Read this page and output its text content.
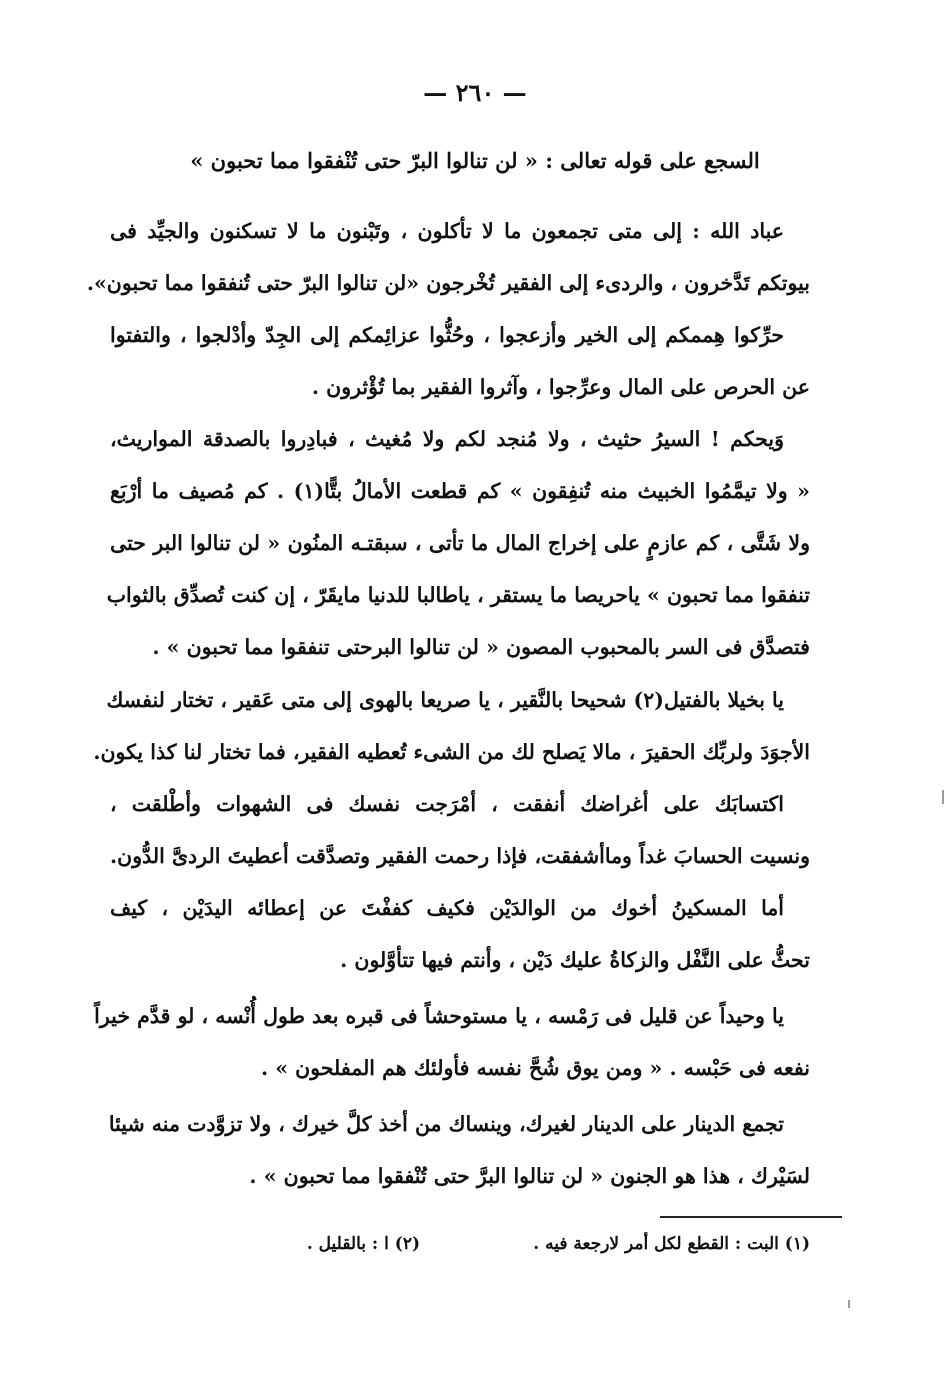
— ٢٦٠ —
السجع على قوله تعالى : « لن تنالوا البرّ حتى تُنْفقوا مما تحبون »
عباد الله : إلى متى تجمعون ما لا تأكلون ، وتَبْنون ما لا تسكنون والجيِّد فى
بيوتكم تَدَّخرون ، والردىء إلى الفقير تُخْرجون «لن تنالوا البرّ حتى تُنفقوا مما تحبون».
حرِّكوا هِممكم إلى الخير وأزعجوا ، وحُثُّوا عزائِمكم إلى الجِدّ وأدْلجوا ، والتفتوا
عن الحرص على المال وعرِّجوا ، وآثروا الفقير بما تُؤْثرون .
وَيحكم ! السيرُ حثيث ، ولا مُنجد لكم ولا مُغيث ، فبادِروا بالصدقة المواريث،
« ولا تيمَّمُوا الخبيث منه تُنفِقون » كم قطعت الأمالُ بتًّا(١) . كم مُصيف ما أرْبَع
ولا شَتَّى ، كم عازمٍ على إخراج المال ما تأتى ، سبقتـه المنُون « لن تنالوا البر حتى
تنفقوا مما تحبون » ياحريصا ما يستقر ، ياطالبا للدنيا مايقَرّ ، إن كنت تُصدِّق بالثواب
فتصدَّق فى السر بالمحبوب المصون « لن تنالوا البرحتى تنفقوا مما تحبون » .
يا بخيلا بالفتيل(٢) شحيحا بالنَّقير ، يا صريعا بالهوى إلى متى عَقير ، تختار لنفسك
الأجوَدَ ولربِّك الحقيرَ ، مالا يَصلح لك من الشىء تُعطيه الفقير، فما تختار لنا كذا يكون.
اكتسابَك على أغراضك أنفقت ، أمْرَجت نفسك فى الشهوات وأطْلقت ،
ونسيت الحسابَ غداً وماأشفقت، فإذا رحمت الفقير وتصدَّقت أعطيتَ الردىَّ الدُّون.
أما المسكينُ أخوك من الوالدَيْن فكيف كففْتَ عن إعطائه اليدَيْن ، كيف
تحثُّ على النَّفْل والزكاةُ عليك دَيْن ، وأنتم فيها تتأوَّلون .
يا وحيداً عن قليل فى رَمْسه ، يا مستوحشاً فى قبره بعد طول أُنْسه ، لو قدَّم خيراً
نفعه فى حَبْسه . « ومن يوق شُحَّ نفسه فأولئك هم المفلحون » .
تجمع الدينار على الدينار لغيرك، وينساك من أخذ كلَّ خيرك ، ولا تزوَّدت منه شيئا
لسَيْرك ، هذا هو الجنون « لن تنالوا البرَّ حتى تُنْفقوا مما تحبون » .
(١) البت : القطع لكل أمر لارجعة فيه .
(٢) ا : بالقليل .
